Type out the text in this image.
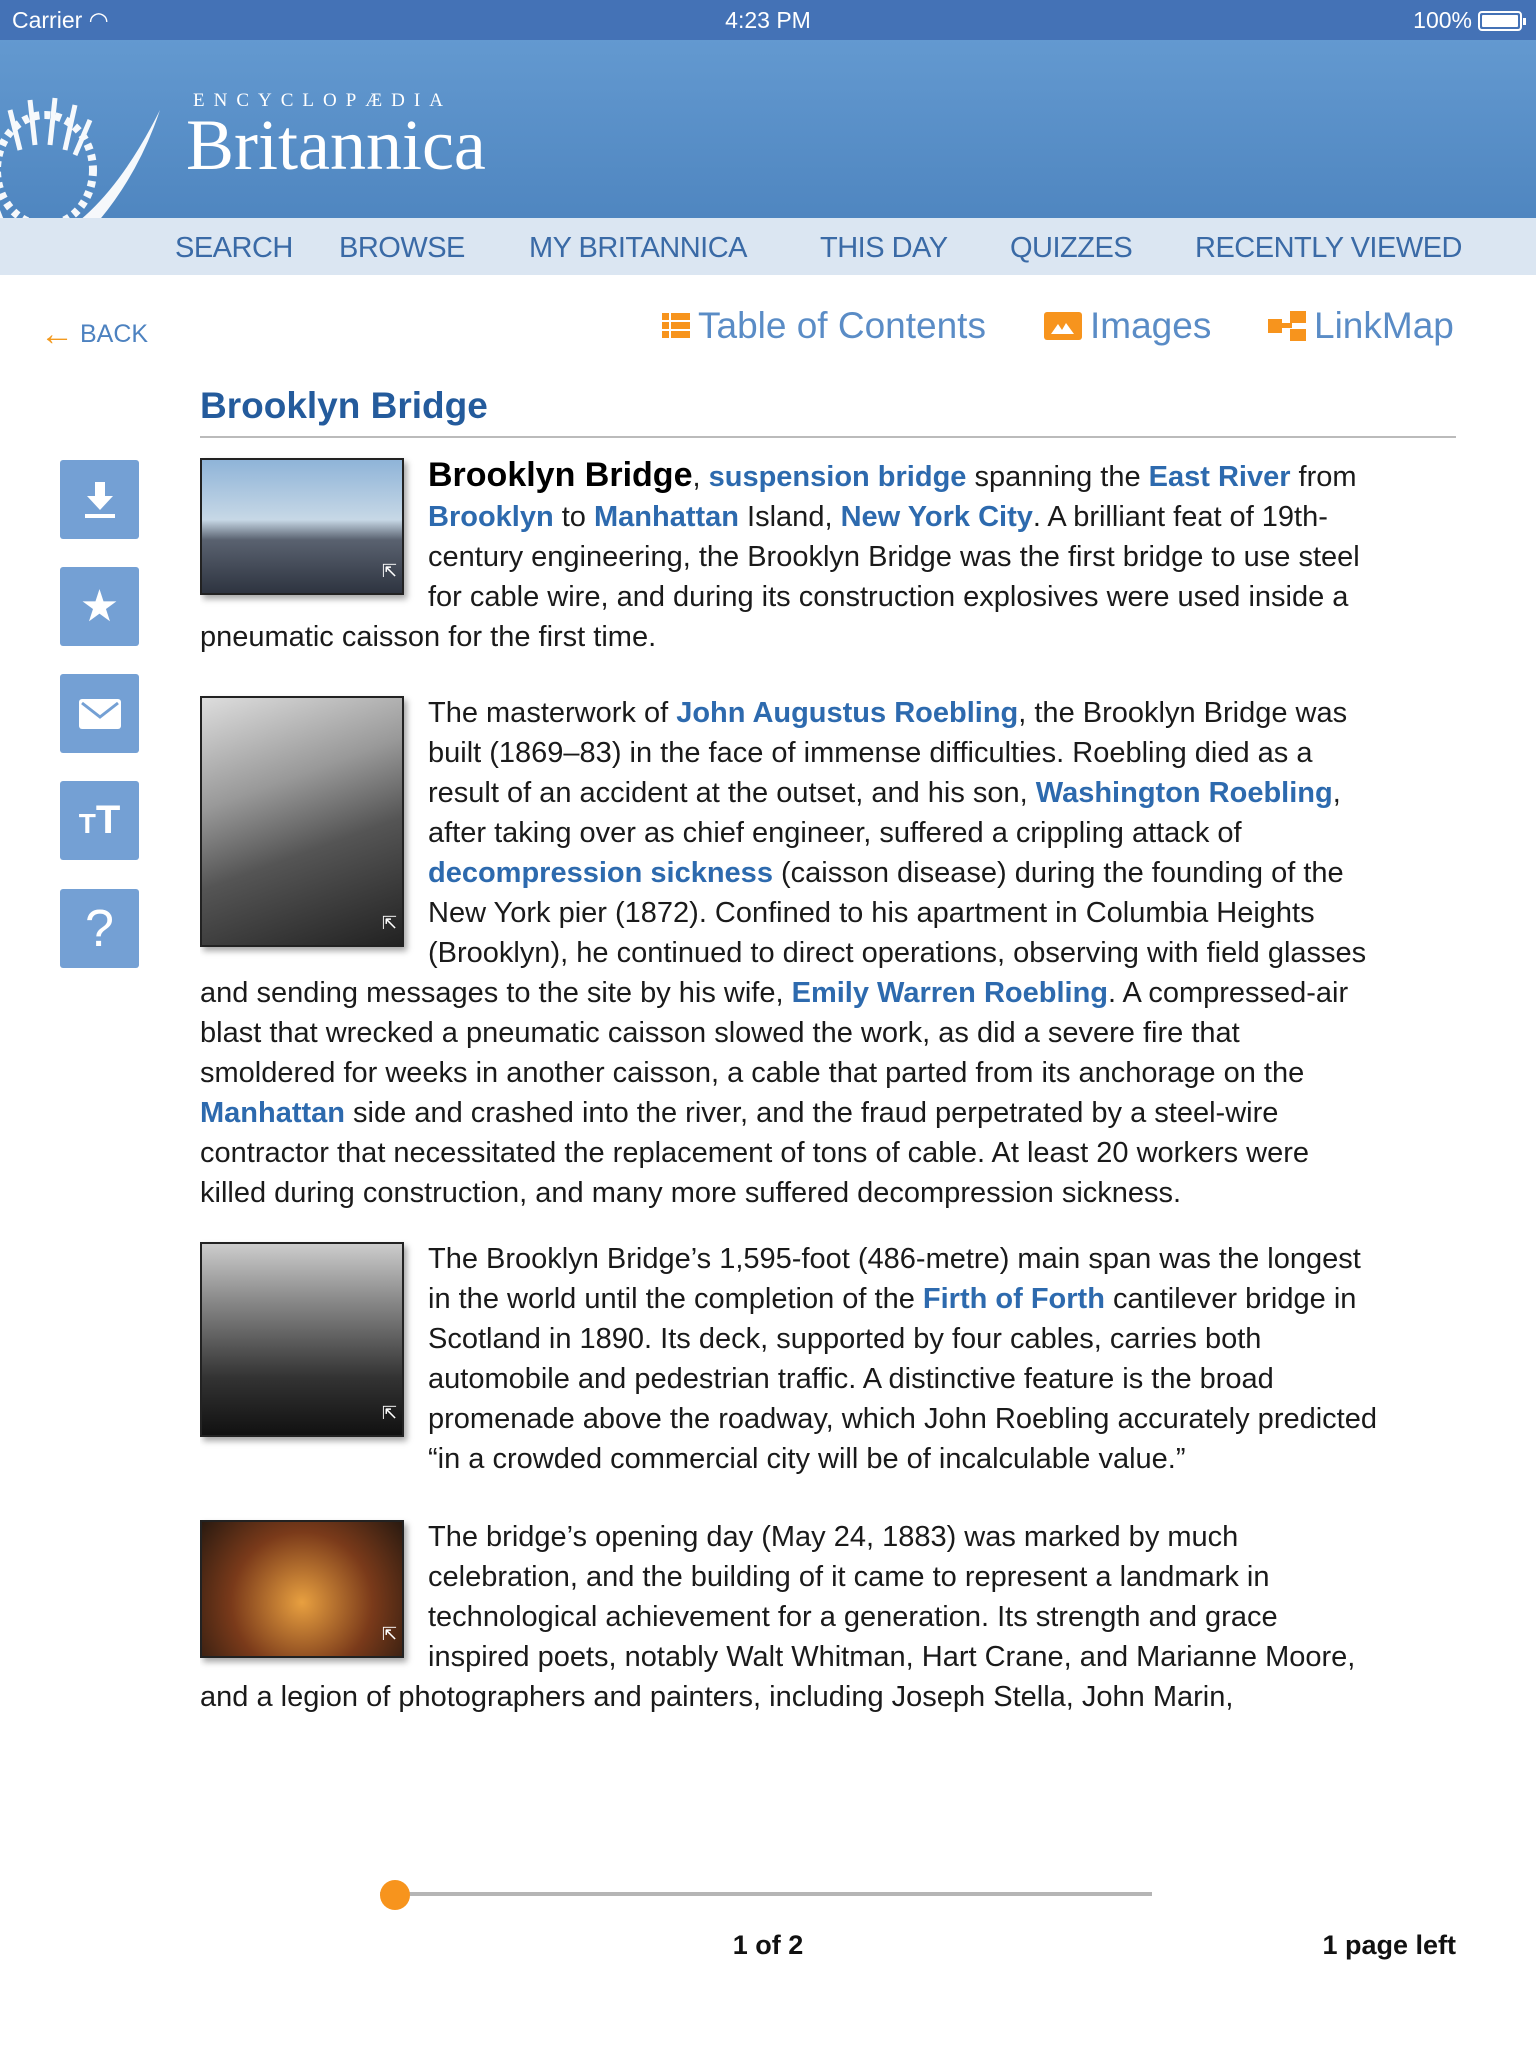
Carrier ◠	4:23 PM	100%
ENCYCLOPÆDIA
Britannica
SEARCH BROWSE MY BRITANNICA	THIS DAY QUIZZES RECENTLY VIEWED
← BACK	Table of Contents	Images	LinkMap
Brooklyn Bridge
★
TT
?

⇱
Brooklyn Bridge, suspension bridge spanning the East River from Brooklyn to Manhattan Island, New York City. A brilliant feat of 19th-century engineering, the Brooklyn Bridge was the first bridge to use steel for cable wire, and during its construction explosives were used inside a pneumatic caisson for the first time.

⇱
The masterwork of John Augustus Roebling, the Brooklyn Bridge was built (1869–83) in the face of immense difficulties. Roebling died as a result of an accident at the outset, and his son, Washington Roebling, after taking over as chief engineer, suffered a crippling attack of decompression sickness (caisson disease) during the founding of the New York pier (1872). Confined to his apartment in Columbia Heights (Brooklyn), he continued to direct operations, observing with field glasses and sending messages to the site by his wife, Emily Warren Roebling. A compressed-air blast that wrecked a pneumatic caisson slowed the work, as did a severe fire that smoldered for weeks in another caisson, a cable that parted from its anchorage on the Manhattan side and crashed into the river, and the fraud perpetrated by a steel-wire contractor that necessitated the replacement of tons of cable. At least 20 workers were killed during construction, and many more suffered decompression sickness.

⇱
The Brooklyn Bridge’s 1,595-foot (486-metre) main span was the longest in the world until the completion of the Firth of Forth cantilever bridge in Scotland in 1890. Its deck, supported by four cables, carries both automobile and pedestrian traffic. A distinctive feature is the broad promenade above the roadway, which John Roebling accurately predicted “in a crowded commercial city will be of incalculable value.”

⇱
The bridge’s opening day (May 24, 1883) was marked by much celebration, and the building of it came to represent a landmark in technological achievement for a generation. Its strength and grace inspired poets, notably Walt Whitman, Hart Crane, and Marianne Moore, and a legion of photographers and painters, including Joseph Stella, John Marin,

1 of 2	1 page left
